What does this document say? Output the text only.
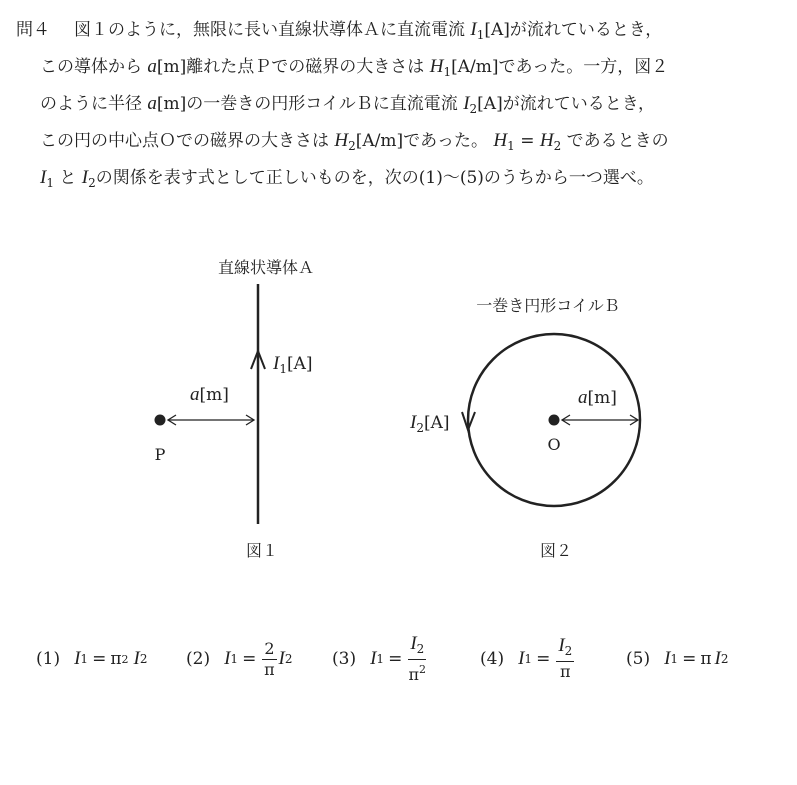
問４ 図１のように，無限に長い直線状導体Ａに直流電流 $I_1[A]$が流れているとき，
この導体から a[m]離れた点Ｐでの磁界の大きさは $H_1[A/m]$であった。一方，図２
のように半径 a[m]の一巻きの円形コイルＢに直流電流 $I_2[A]$が流れているとき，
この円の中心点Ｏでの磁界の大きさは $H_2[A/m]$であった。 $H_1 = H_2$ であるときの
$I_1$ と $I_2$の関係を表す式として正しいものを，次の(1)～(5)のうちから一つ選べ。
直線状導体Ａ
$I_1[A]$
a[m]
P
図１
一巻き円形コイルＢ
$I_2[A]$
a[m]
O
図２
(1) I 1 = π 2 I 2 (2) I $1 = \frac{2}{\pi}$ I 2 (3) I $1 = \frac{I_2}{\pi^2}$	(4) I $1 = \frac{I_2}{\pi}$	(5) I 1 = π I 2
